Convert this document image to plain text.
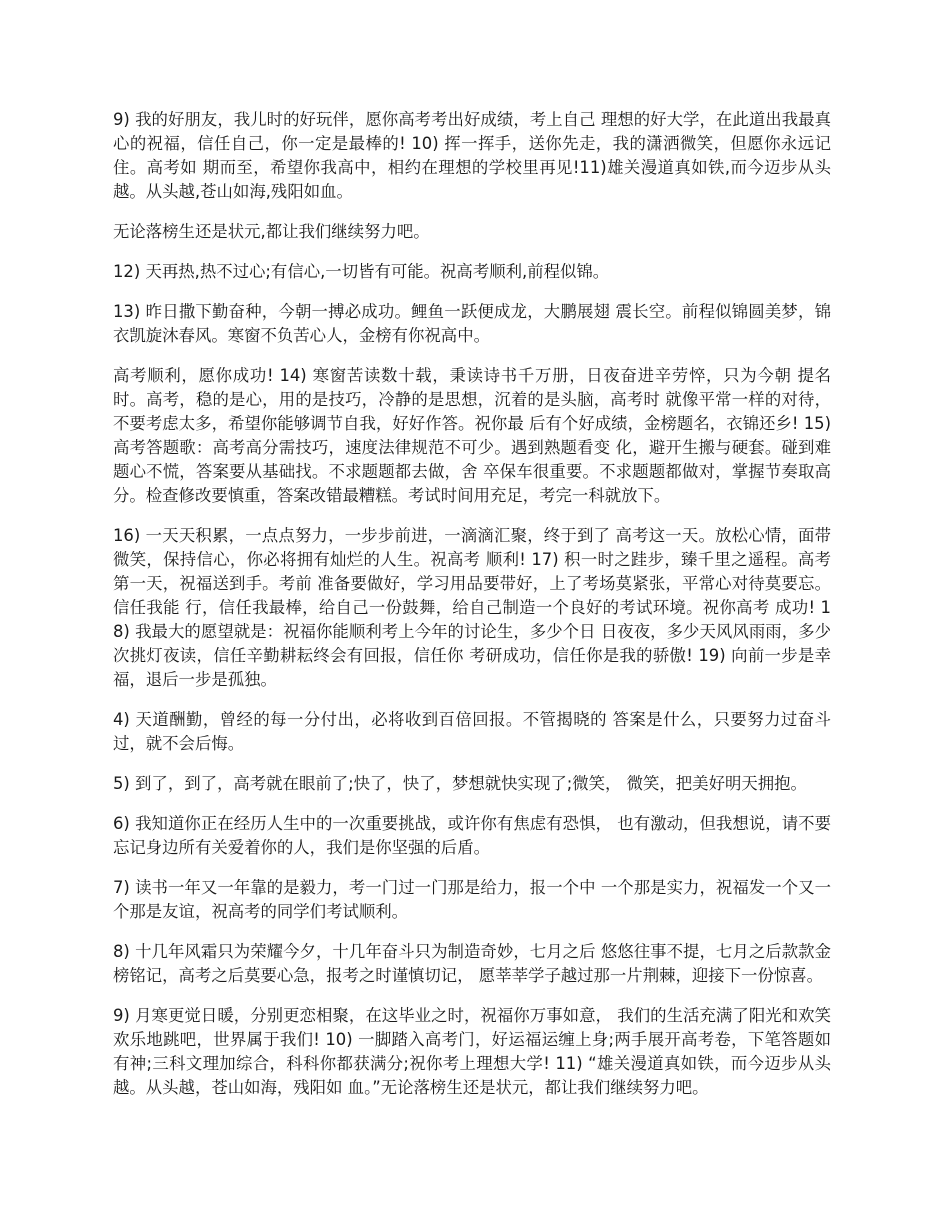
9) 我的好朋友，我儿时的好玩伴，愿你高考考出好成绩，考上自己 理想的好大学，在此道出我最真心的祝福，信任自己，你一定是最棒的! 10) 挥一挥手，送你先走，我的潇洒微笑，但愿你永远记住。高考如 期而至，希望你我高中，相约在理想的学校里再见!11)雄关漫道真如铁,而今迈步从头越。从头越,苍山如海,残阳如血。

无论落榜生还是状元,都让我们继续努力吧。

12) 天再热,热不过心;有信心,一切皆有可能。祝高考顺利,前程似锦。

13) 昨日撒下勤奋种，今朝一搏必成功。鲤鱼一跃便成龙，大鹏展翅 震长空。前程似锦圆美梦，锦衣凯旋沐春风。寒窗不负苦心人，金榜有你祝高中。

高考顺利，愿你成功! 14) 寒窗苦读数十载，秉读诗书千万册，日夜奋进辛劳悴，只为今朝 提名时。高考，稳的是心，用的是技巧，冷静的是思想，沉着的是头脑，高考时 就像平常一样的对待，不要考虑太多，希望你能够调节自我，好好作答。祝你最 后有个好成绩，金榜题名，衣锦还乡! 15) 高考答题歌：高考高分需技巧，速度法律规范不可少。遇到熟题看变 化，避开生搬与硬套。碰到难题心不慌，答案要从基础找。不求题题都去做，舍 卒保车很重要。不求题题都做对，掌握节奏取高分。检查修改要慎重，答案改错最糟糕。考试时间用充足，考完一科就放下。

16) 一天天积累，一点点努力，一步步前进，一滴滴汇聚，终于到了 高考这一天。放松心情，面带微笑，保持信心，你必将拥有灿烂的人生。祝高考 顺利! 17) 积一时之跬步，臻千里之遥程。高考第一天，祝福送到手。考前 准备要做好，学习用品要带好，上了考场莫紧张，平常心对待莫要忘。信任我能 行，信任我最棒，给自己一份鼓舞，给自己制造一个良好的考试环境。祝你高考 成功! 18) 我最大的愿望就是：祝福你能顺利考上今年的讨论生，多少个日 日夜夜，多少天风风雨雨，多少次挑灯夜读，信任辛勤耕耘终会有回报，信任你 考研成功，信任你是我的骄傲! 19) 向前一步是幸福，退后一步是孤独。

4) 天道酬勤，曾经的每一分付出，必将收到百倍回报。不管揭晓的 答案是什么，只要努力过奋斗过，就不会后悔。

5) 到了，到了，高考就在眼前了;快了，快了，梦想就快实现了;微笑， 微笑，把美好明天拥抱。

6) 我知道你正在经历人生中的一次重要挑战，或许你有焦虑有恐惧， 也有激动，但我想说，请不要忘记身边所有关爱着你的人，我们是你坚强的后盾。

7) 读书一年又一年靠的是毅力，考一门过一门那是给力，报一个中 一个那是实力，祝福发一个又一个那是友谊，祝高考的同学们考试顺利。

8) 十几年风霜只为荣耀今夕，十几年奋斗只为制造奇妙，七月之后 悠悠往事不提，七月之后款款金榜铭记，高考之后莫要心急，报考之时谨慎切记， 愿莘莘学子越过那一片荆棘，迎接下一份惊喜。

9) 月寒更觉日暖，分别更恋相聚，在这毕业之时，祝福你万事如意， 我们的生活充满了阳光和欢笑欢乐地跳吧，世界属于我们! 10) 一脚踏入高考门，好运福运缠上身;两手展开高考卷，下笔答题如 有神;三科文理加综合，科科你都获满分;祝你考上理想大学! 11) “雄关漫道真如铁，而今迈步从头越。从头越，苍山如海，残阳如 血。”无论落榜生还是状元，都让我们继续努力吧。
